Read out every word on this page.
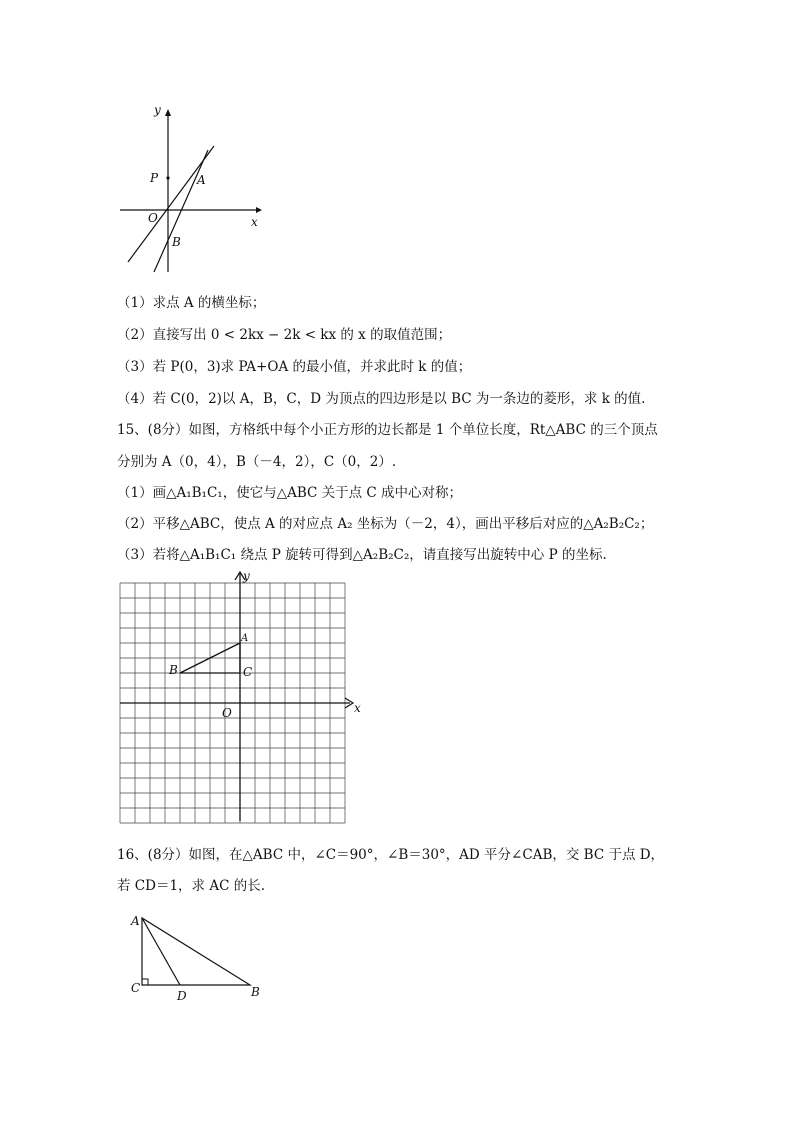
x
y
O
P	A
B
（1）求点 A 的横坐标；
（2）直接写出 0 < 2kx − 2k < kx 的 x 的取值范围；
（3）若 P(0，3)求 PA+OA 的最小值，并求此时 k 的值；
（4）若 C(0，2)以 A，B，C，D 为顶点的四边形是以 BC 为一条边的菱形，求 k 的值.
15、(8分）如图，方格纸中每个小正方形的边长都是 1 个单位长度，Rt△ABC 的三个顶点
分别为 A（0，4），B（－4，2），C（0，2）.
（1）画△A₁B₁C₁，使它与△ABC 关于点 C 成中心对称；
（2）平移△ABC，使点 A 的对应点 A₂ 坐标为（－2，4），画出平移后对应的△A₂B₂C₂；
（3）若将△A₁B₁C₁ 绕点 P 旋转可得到△A₂B₂C₂，请直接写出旋转中心 P 的坐标.
x
y
O
A
B	C
16、(8分）如图，在△ABC 中，∠C＝90°，∠B＝30°，AD 平分∠CAB，交 BC 于点 D，
若 CD＝1，求 AC 的长.
A
C
D	B
